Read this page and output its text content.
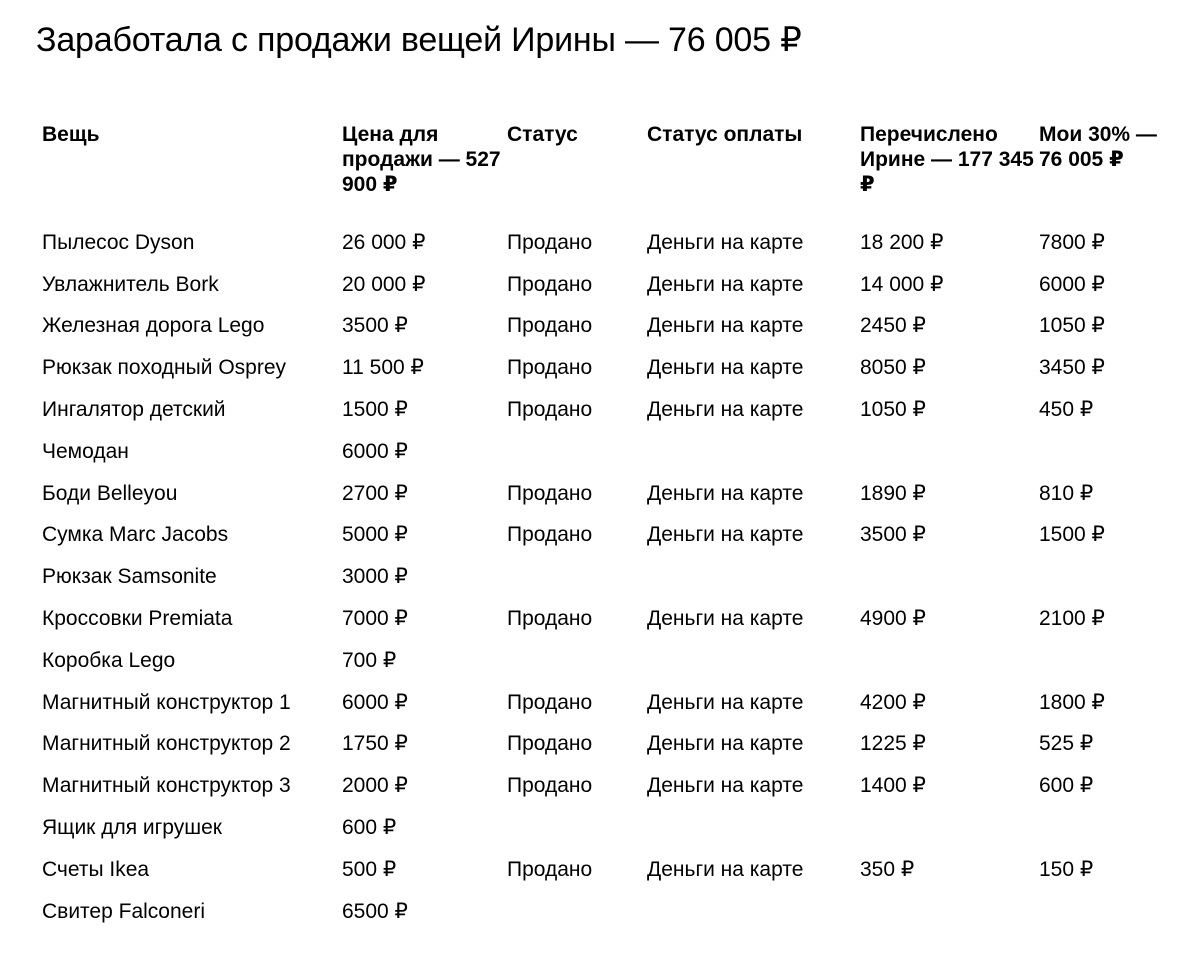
Заработала с продажи вещей Ирины — 76 005 ₽
Вещь	Цена для продажи — 527 900 ₽	Статус	Статус оплаты	Перечислено Ирине — 177 345 ₽	Мои 30% — 76 005 ₽
Пылесос Dyson	26 000 ₽	Продано	Деньги на карте	18 200 ₽	7800 ₽
Увлажнитель Bork	20 000 ₽	Продано	Деньги на карте	14 000 ₽	6000 ₽
Железная дорога Lego	3500 ₽	Продано	Деньги на карте	2450 ₽	1050 ₽
Рюкзак походный Osprey	11 500 ₽	Продано	Деньги на карте	8050 ₽	3450 ₽
Ингалятор детский	1500 ₽	Продано	Деньги на карте	1050 ₽	450 ₽
Чемодан	6000 ₽				
Боди Belleyou	2700 ₽	Продано	Деньги на карте	1890 ₽	810 ₽
Сумка Marc Jacobs	5000 ₽	Продано	Деньги на карте	3500 ₽	1500 ₽
Рюкзак Samsonite	3000 ₽				
Кроссовки Premiata	7000 ₽	Продано	Деньги на карте	4900 ₽	2100 ₽
Коробка Lego	700 ₽				
Магнитный конструктор 1	6000 ₽	Продано	Деньги на карте	4200 ₽	1800 ₽
Магнитный конструктор 2	1750 ₽	Продано	Деньги на карте	1225 ₽	525 ₽
Магнитный конструктор 3	2000 ₽	Продано	Деньги на карте	1400 ₽	600 ₽
Ящик для игрушек	600 ₽				
Счеты Ikea	500 ₽	Продано	Деньги на карте	350 ₽	150 ₽
Свитер Falconeri	6500 ₽				
